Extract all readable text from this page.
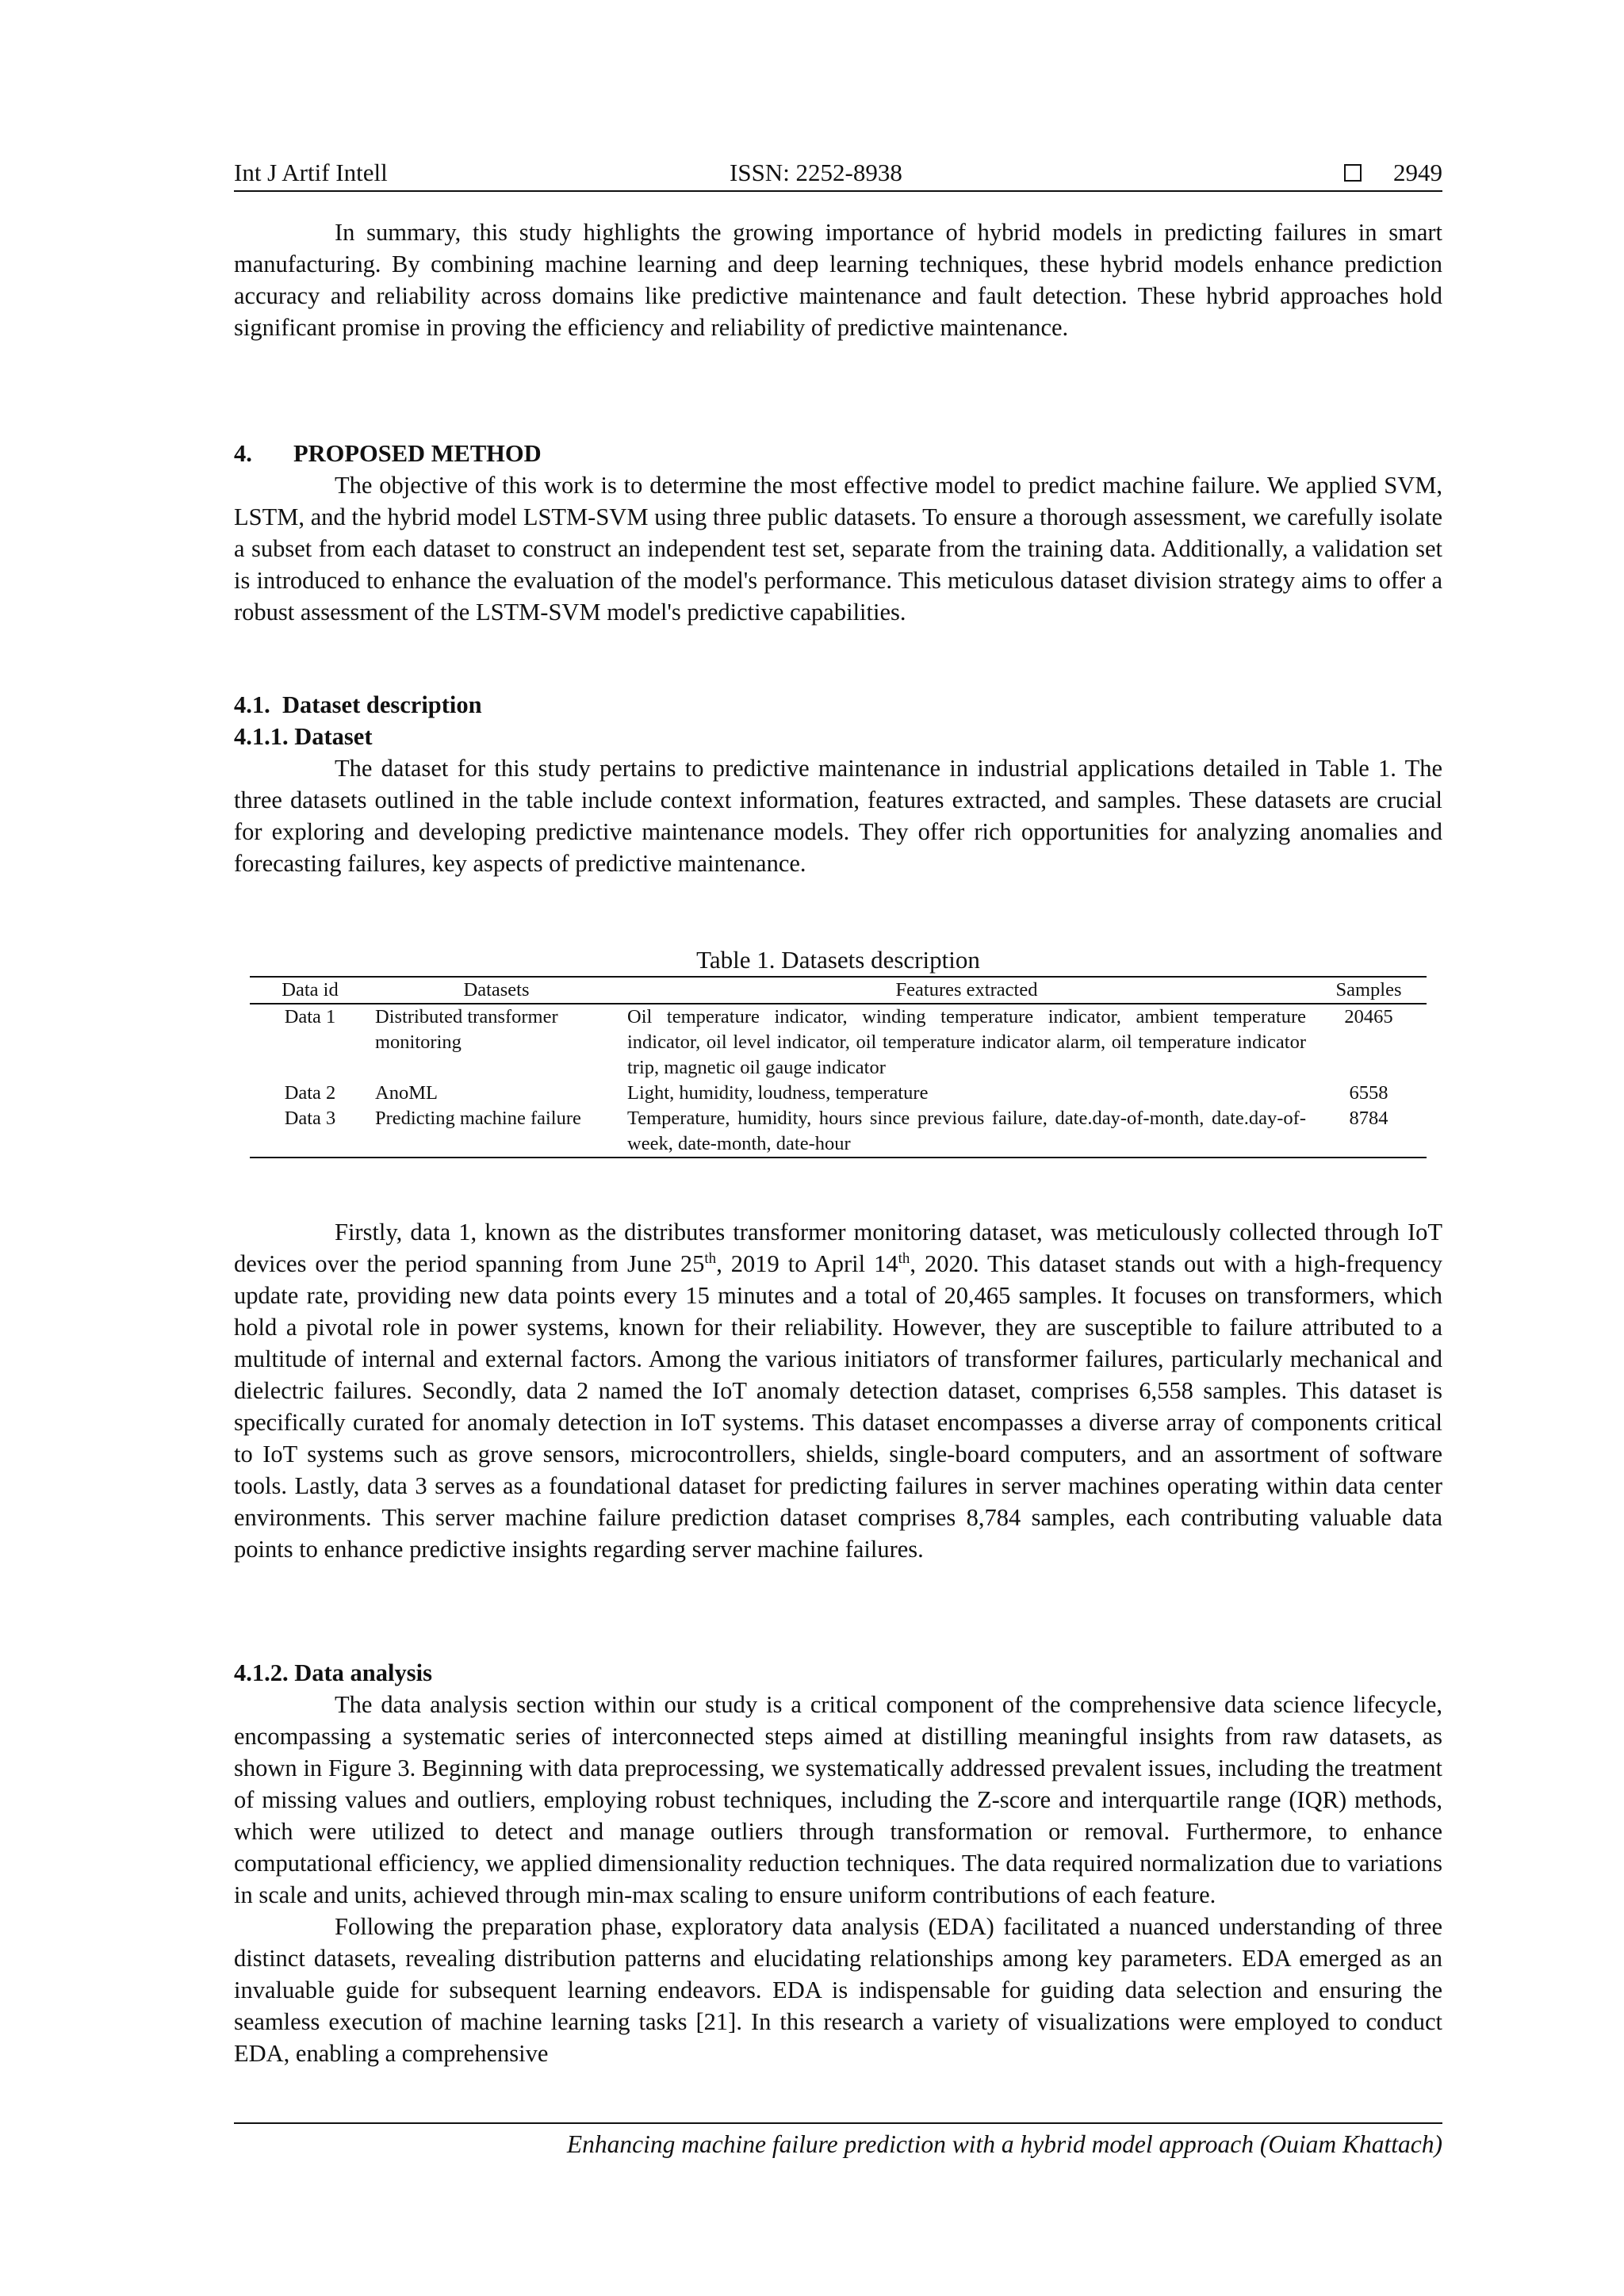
Int J Artif Intell	ISSN: 2252-8938	2949

In summary, this study highlights the growing importance of hybrid models in predicting failures in smart manufacturing. By combining machine learning and deep learning techniques, these hybrid models enhance prediction accuracy and reliability across domains like predictive maintenance and fault detection. These hybrid approaches hold significant promise in proving the efficiency and reliability of predictive maintenance.

4. PROPOSED METHOD

The objective of this work is to determine the most effective model to predict machine failure. We applied SVM, LSTM, and the hybrid model LSTM-SVM using three public datasets. To ensure a thorough assessment, we carefully isolate a subset from each dataset to construct an independent test set, separate from the training data. Additionally, a validation set is introduced to enhance the evaluation of the model's performance. This meticulous dataset division strategy aims to offer a robust assessment of the LSTM-SVM model's predictive capabilities.

4.1. Dataset description

4.1.1. Dataset

The dataset for this study pertains to predictive maintenance in industrial applications detailed in Table 1. The three datasets outlined in the table include context information, features extracted, and samples. These datasets are crucial for exploring and developing predictive maintenance models. They offer rich opportunities for analyzing anomalies and forecasting failures, key aspects of predictive maintenance.

Table 1. Datasets description
Data id	Datasets	Features extracted	Samples
Data 1	Distributed transformer monitoring	Oil temperature indicator, winding temperature indicator, ambient temperature indicator, oil level indicator, oil temperature indicator alarm, oil temperature indicator trip, magnetic oil gauge indicator	20465
Data 2	AnoML	Light, humidity, loudness, temperature	6558
Data 3	Predicting machine failure	Temperature, humidity, hours since previous failure, date.day-of-month, date.day-of-week, date-month, date-hour	8784

Firstly, data 1, known as the distributes transformer monitoring dataset, was meticulously collected through IoT devices over the period spanning from June 25th, 2019 to April 14th, 2020. This dataset stands out with a high-frequency update rate, providing new data points every 15 minutes and a total of 20,465 samples. It focuses on transformers, which hold a pivotal role in power systems, known for their reliability. However, they are susceptible to failure attributed to a multitude of internal and external factors. Among the various initiators of transformer failures, particularly mechanical and dielectric failures. Secondly, data 2 named the IoT anomaly detection dataset, comprises 6,558 samples. This dataset is specifically curated for anomaly detection in IoT systems. This dataset encompasses a diverse array of components critical to IoT systems such as grove sensors, microcontrollers, shields, single-board computers, and an assortment of software tools. Lastly, data 3 serves as a foundational dataset for predicting failures in server machines operating within data center environments. This server machine failure prediction dataset comprises 8,784 samples, each contributing valuable data points to enhance predictive insights regarding server machine failures.

4.1.2. Data analysis

The data analysis section within our study is a critical component of the comprehensive data science lifecycle, encompassing a systematic series of interconnected steps aimed at distilling meaningful insights from raw datasets, as shown in Figure 3. Beginning with data preprocessing, we systematically addressed prevalent issues, including the treatment of missing values and outliers, employing robust techniques, including the Z-score and interquartile range (IQR) methods, which were utilized to detect and manage outliers through transformation or removal. Furthermore, to enhance computational efficiency, we applied dimensionality reduction techniques. The data required normalization due to variations in scale and units, achieved through min-max scaling to ensure uniform contributions of each feature.

Following the preparation phase, exploratory data analysis (EDA) facilitated a nuanced understanding of three distinct datasets, revealing distribution patterns and elucidating relationships among key parameters. EDA emerged as an invaluable guide for subsequent learning endeavors. EDA is indispensable for guiding data selection and ensuring the seamless execution of machine learning tasks [21]. In this research a variety of visualizations were employed to conduct EDA, enabling a comprehensive

Enhancing machine failure prediction with a hybrid model approach (Ouiam Khattach)
